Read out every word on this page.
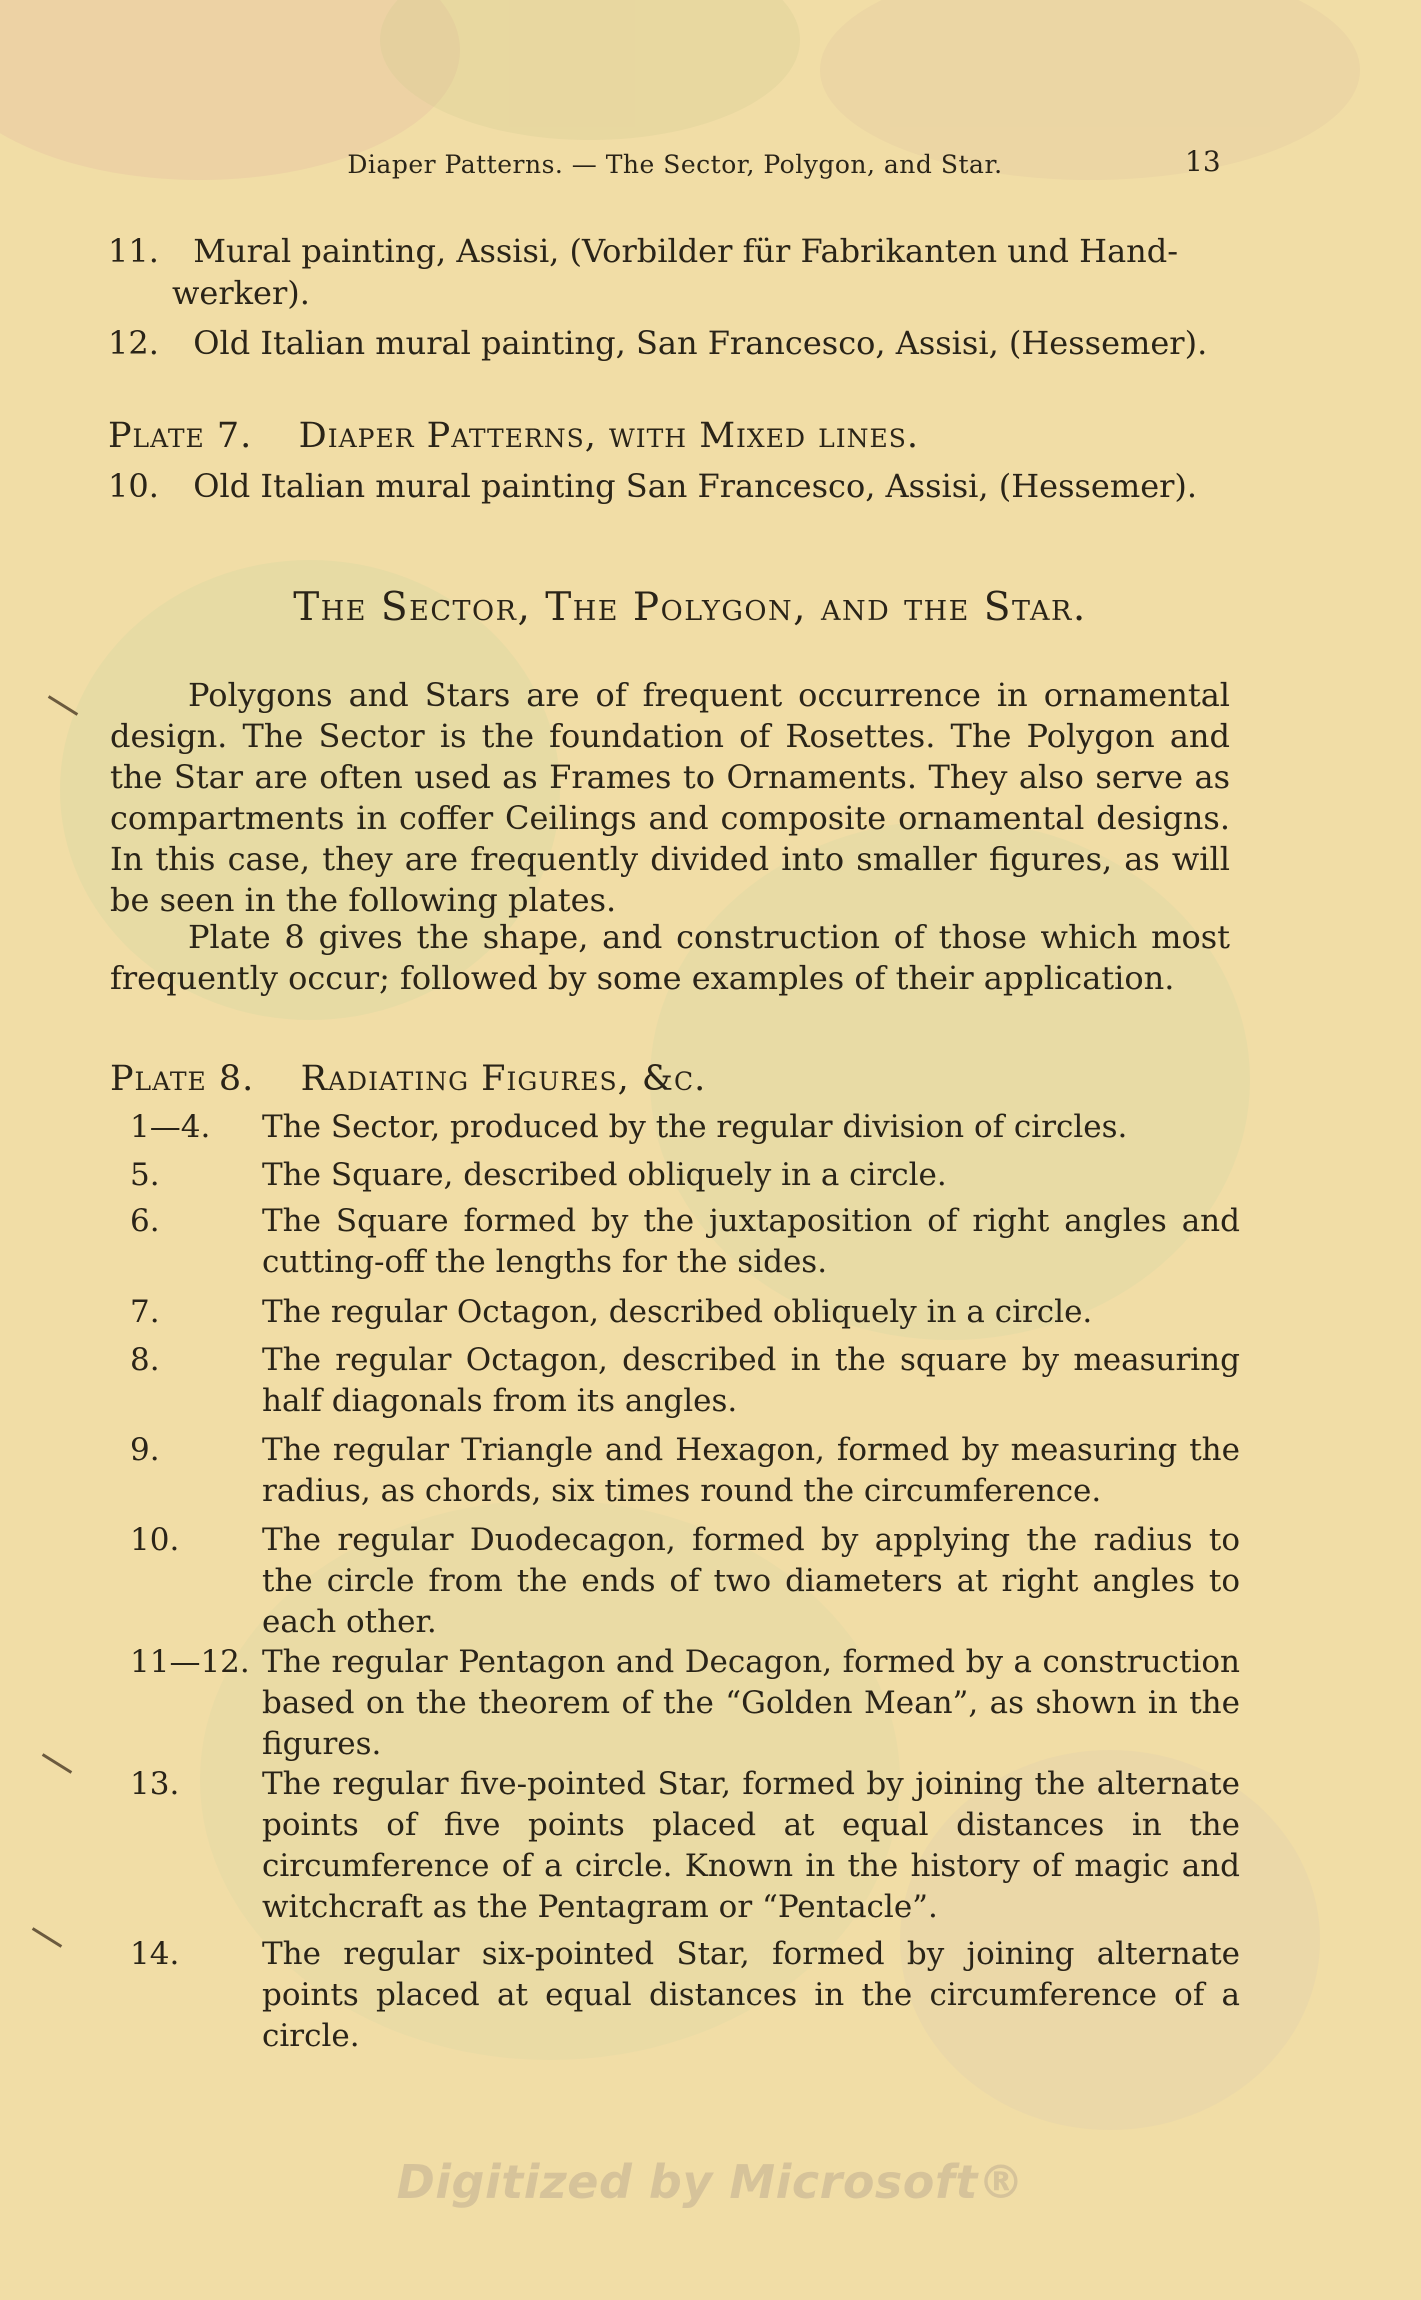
Diaper Patterns. — The Sector, Polygon, and Star.	13
11. Mural painting, Assisi, (Vorbilder für Fabrikanten und Hand-
werker).
12. Old Italian mural painting, San Francesco, Assisi, (Hessemer).
Plate 7. Diaper Patterns, with Mixed lines.
10. Old Italian mural painting San Francesco, Assisi, (Hessemer).
The Sector, The Polygon, and the Star.
Polygons and Stars are of frequent occurrence in ornamental design. The Sector is the foundation of Rosettes. The Polygon and the Star are often used as Frames to Ornaments. They also serve as compartments in coffer Ceilings and composite ornamental designs. In this case, they are frequently divided into smaller figures, as will be seen in the following plates.
Plate 8 gives the shape, and construction of those which most frequently occur; followed by some examples of their application.
Plate 8. Radiating Figures, &c.
1—4.	The Sector, produced by the regular division of circles.
5.	The Square, described obliquely in a circle.
6.	The Square formed by the juxtaposition of right angles and cutting-off the lengths for the sides.
7.	The regular Octagon, described obliquely in a circle.
8.	The regular Octagon, described in the square by measuring half diagonals from its angles.
9.	The regular Triangle and Hexagon, formed by measuring the radius, as chords, six times round the circumference.
10.	The regular Duodecagon, formed by applying the radius to the circle from the ends of two diameters at right angles to each other.
11—12. The regular Pentagon and Decagon, formed by a construction based on the theorem of the “Golden Mean”, as shown in the figures.
13.	The regular five-pointed Star, formed by joining the alternate points of five points placed at equal distances in the circumference of a circle. Known in the history of magic and witchcraft as the Pentagram or “Pentacle”.
14.	The regular six-pointed Star, formed by joining alternate points placed at equal distances in the circumference of a circle.
Digitized by Microsoft®
